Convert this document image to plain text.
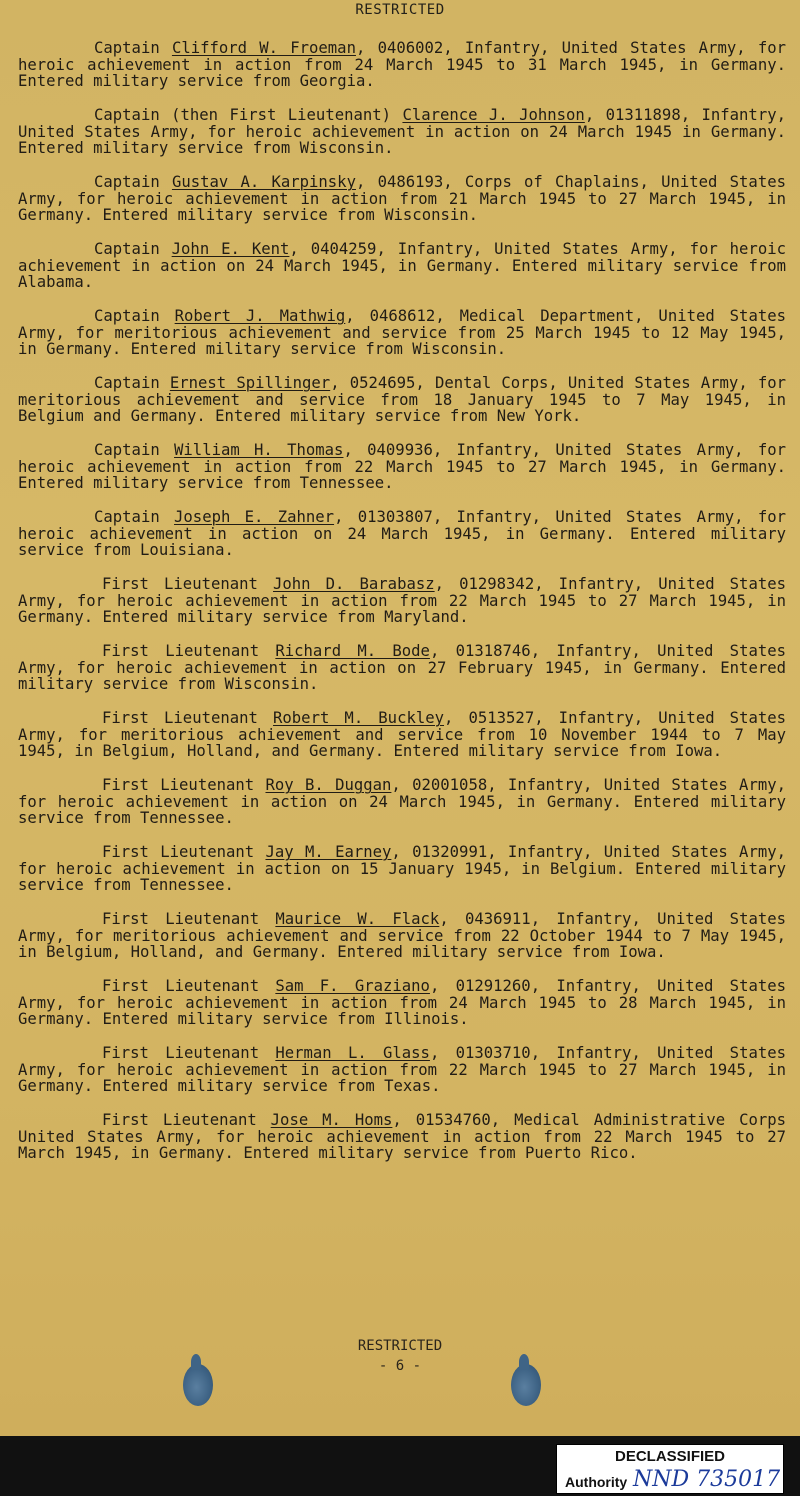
RESTRICTED

Captain Clifford W. Froeman, 0406002, Infantry, United States Army, for heroic achievement in action from 24 March 1945 to 31 March 1945, in Germany. Entered military service from Georgia.

Captain (then First Lieutenant) Clarence J. Johnson, 01311898, Infantry, United States Army, for heroic achievement in action on 24 March 1945 in Germany. Entered military service from Wisconsin.

Captain Gustav A. Karpinsky, 0486193, Corps of Chaplains, United States Army, for heroic achievement in action from 21 March 1945 to 27 March 1945, in Germany. Entered military service from Wisconsin.

Captain John E. Kent, 0404259, Infantry, United States Army, for heroic achievement in action on 24 March 1945, in Germany. Entered military service from Alabama.

Captain Robert J. Mathwig, 0468612, Medical Department, United States Army, for meritorious achievement and service from 25 March 1945 to 12 May 1945, in Germany. Entered military service from Wisconsin.

Captain Ernest Spillinger, 0524695, Dental Corps, United States Army, for meritorious achievement and service from 18 January 1945 to 7 May 1945, in Belgium and Germany. Entered military service from New York.

Captain William H. Thomas, 0409936, Infantry, United States Army, for heroic achievement in action from 22 March 1945 to 27 March 1945, in Germany. Entered military service from Tennessee.

Captain Joseph E. Zahner, 01303807, Infantry, United States Army, for heroic achievement in action on 24 March 1945, in Germany. Entered military service from Louisiana.

First Lieutenant John D. Barabasz, 01298342, Infantry, United States Army, for heroic achievement in action from 22 March 1945 to 27 March 1945, in Germany. Entered military service from Maryland.

First Lieutenant Richard M. Bode, 01318746, Infantry, United States Army, for heroic achievement in action on 27 February 1945, in Germany. Entered military service from Wisconsin.

First Lieutenant Robert M. Buckley, 0513527, Infantry, United States Army, for meritorious achievement and service from 10 November 1944 to 7 May 1945, in Belgium, Holland, and Germany. Entered military service from Iowa.

First Lieutenant Roy B. Duggan, 02001058, Infantry, United States Army, for heroic achievement in action on 24 March 1945, in Germany. Entered military service from Tennessee.

First Lieutenant Jay M. Earney, 01320991, Infantry, United States Army, for heroic achievement in action on 15 January 1945, in Belgium. Entered military service from Tennessee.

First Lieutenant Maurice W. Flack, 0436911, Infantry, United States Army, for meritorious achievement and service from 22 October 1944 to 7 May 1945, in Belgium, Holland, and Germany. Entered military service from Iowa.

First Lieutenant Sam F. Graziano, 01291260, Infantry, United States Army, for heroic achievement in action from 24 March 1945 to 28 March 1945, in Germany. Entered military service from Illinois.

First Lieutenant Herman L. Glass, 01303710, Infantry, United States Army, for heroic achievement in action from 22 March 1945 to 27 March 1945, in Germany. Entered military service from Texas.

First Lieutenant Jose M. Homs, 01534760, Medical Administrative Corps United States Army, for heroic achievement in action from 22 March 1945 to 27 March 1945, in Germany. Entered military service from Puerto Rico.

RESTRICTED
- 6 -
DECLASSIFIED
Authority NND 735017
